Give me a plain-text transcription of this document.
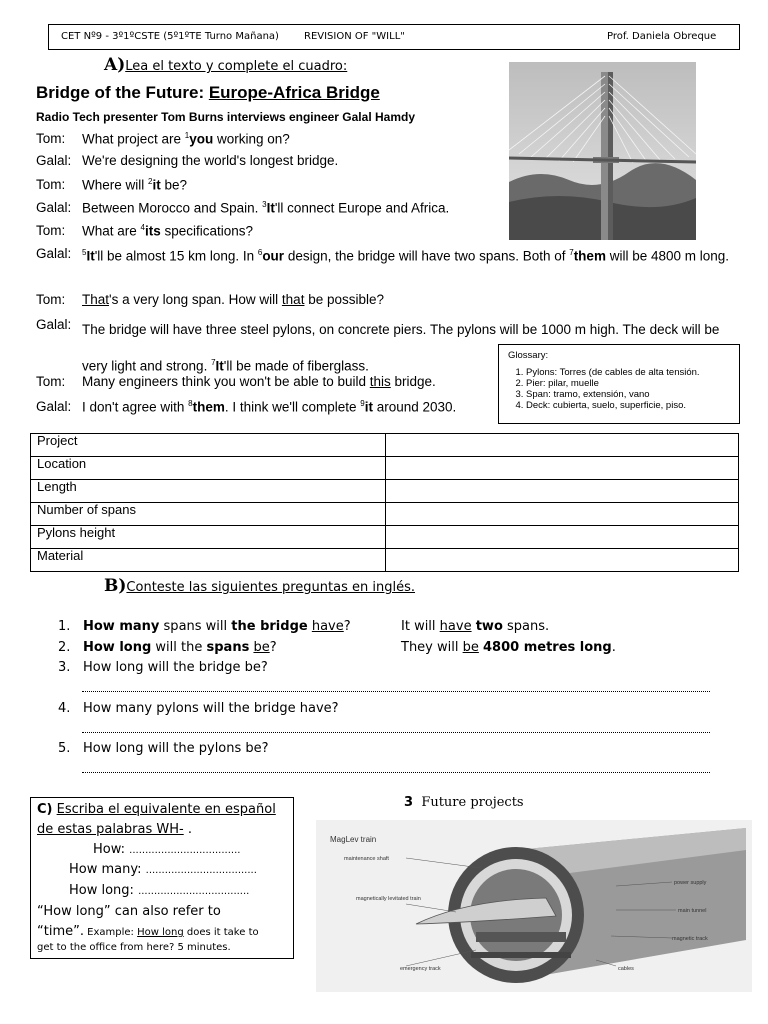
CET Nº9 - 3º1ºCSTE (5º1ºTE Turno Mañana)	REVISION OF "WILL"	Prof. Daniela Obreque
A)Lea el texto y complete el cuadro:
Bridge of the Future: Europe-Africa Bridge
Radio Tech presenter Tom Burns interviews engineer Galal Hamdy
Tom:	What project are $^1$you working on?
Galal: We're designing the world's longest bridge.
Tom:	Where will $^2$it be?
Galal: Between Morocco and Spain. $^3$It'll connect Europe and Africa.
Tom:	What are $^4$its specifications?
Galal:	$^5$It'll be almost 15 km long. In $^6$our design, the bridge will have two spans. Both of $^7$them will be 4800 m long.
Tom:	That's a very long span. How will that be possible?
Galal: The bridge will have three steel pylons, on concrete piers. The pylons will be 1000 m high. The deck will be very light and strong. $^7$It'll be made of fiberglass.
Glossary:
1. Pylons: Torres (de cables de alta tensión.
2. Pier: pilar, muelle
3. Span: tramo, extensión, vano
4. Deck: cubierta, suelo, superficie, piso.
Tom:	Many engineers think you won't be able to build this bridge.
Galal: I don't agree with $^8$them. I think we'll complete $^9$it around 2030.
Project	
Location	
Length	
Number of spans	
Pylons height	
Material	
B)Conteste las siguientes preguntas en inglés.
1. How many spans will the bridge have?	It will have two spans.
2. How long will the spans be?	They will be 4800 metres long.
3. How long will the bridge be?
4. How many pylons will the bridge have?
5. How long will the pylons be?
C) Escriba el equivalente en español
de estas palabras WH- .
How: ...................................
How many: ...................................
How long: ...................................
“How long” can also refer to
“time”. Example: How long does it take to
get to the office from here? 5 minutes.
3 Future projects
MagLev train
maintenance shaft
magnetically levitated train
power supply
main tunnel
magnetic track
emergency track	cables
